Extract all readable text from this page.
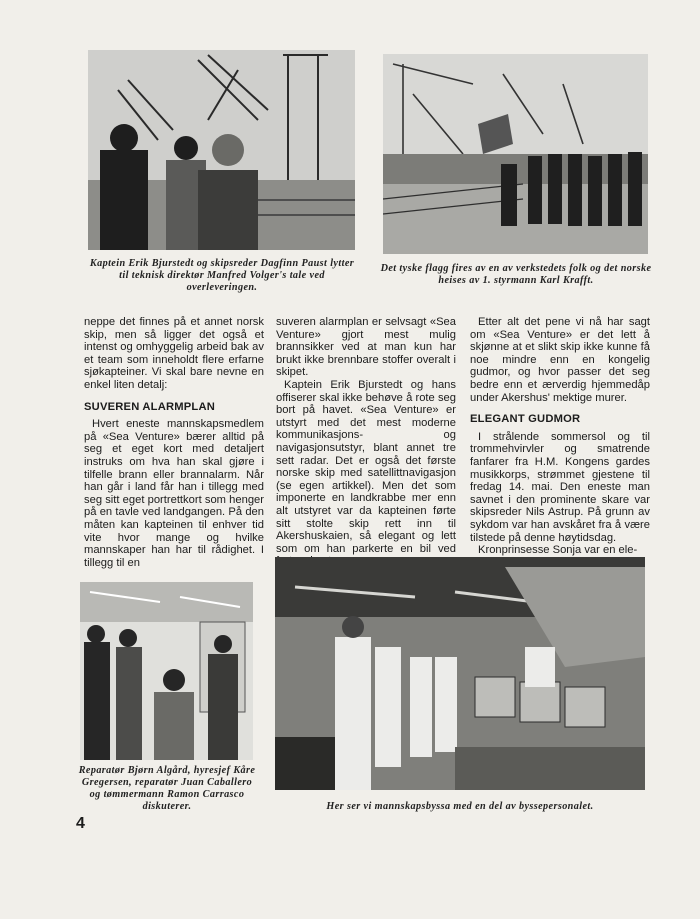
Kaptein Erik Bjurstedt og skipsreder Dagfinn Paust lytter til teknisk direktør Manfred Volger's tale ved overleveringen.
Det tyske flagg fires av en av verkstedets folk og det norske heises av 1. styrmann Karl Krafft.

neppe det finnes på et annet norsk skip, men så ligger det også et intenst og omhyggelig arbeid bak av et team som inneholdt flere erfarne sjøkapteiner. Vi skal bare nevne en enkel liten detalj:

SUVEREN ALARMPLAN

Hvert eneste mannskapsmedlem på «Sea Venture» bærer alltid på seg et eget kort med detaljert instruks om hva han skal gjøre i tilfelle brann eller brannalarm. Når han går i land får han i tillegg med seg sitt eget portrettkort som henger på en tavle ved landgangen. På den måten kan kapteinen til enhver tid vite hvor mange og hvilke mannskaper han har til rådighet. I tillegg til en

suveren alarmplan er selvsagt «Sea Venture» gjort mest mulig brannsikker ved at man kun har brukt ikke brennbare stoffer overalt i skipet.

Kaptein Erik Bjurstedt og hans offiserer skal ikke behøve å rote seg bort på havet. «Sea Venture» er utstyrt med det mest moderne kommunikasjons- og navigasjonsutstyr, blant annet tre sett radar. Det er også det første norske skip med satellittnavigasjon (se egen artikkel). Men det som imponerte en landkrabbe mer enn alt utstyret var da kapteinen førte sitt stolte skip rett inn til Akershuskaien, så elegant og lett som om han parkerte en bil ved

Etter alt det pene vi nå har sagt om «Sea Venture» er det lett å skjønne at et slikt skip ikke kunne få noe mindre enn en kongelig gudmor, og hvor passer det seg bedre enn et ærverdig hjemmedåp under Akershus' mektige murer.

ELEGANT GUDMOR

I strålende sommersol og til trommehvirvler og smatrende fanfarer fra H.M. Kongens gardes musikkorps, strømmet gjestene til fredag 14. mai. Den eneste man savnet i den prominente skare var skipsreder Nils Astrup. På grunn av sykdom var han avskåret fra å være tilstede på denne høytidsdag.

Kronprinsesse Sonja var en ele-

Reparatør Bjørn Algård, hyresjef Kåre Gregersen, reparatør Juan Caballero og tømmermann Ramon Carrasco diskuterer.	Her ser vi mannskapsbyssa med en del av byssepersonalet.
4
